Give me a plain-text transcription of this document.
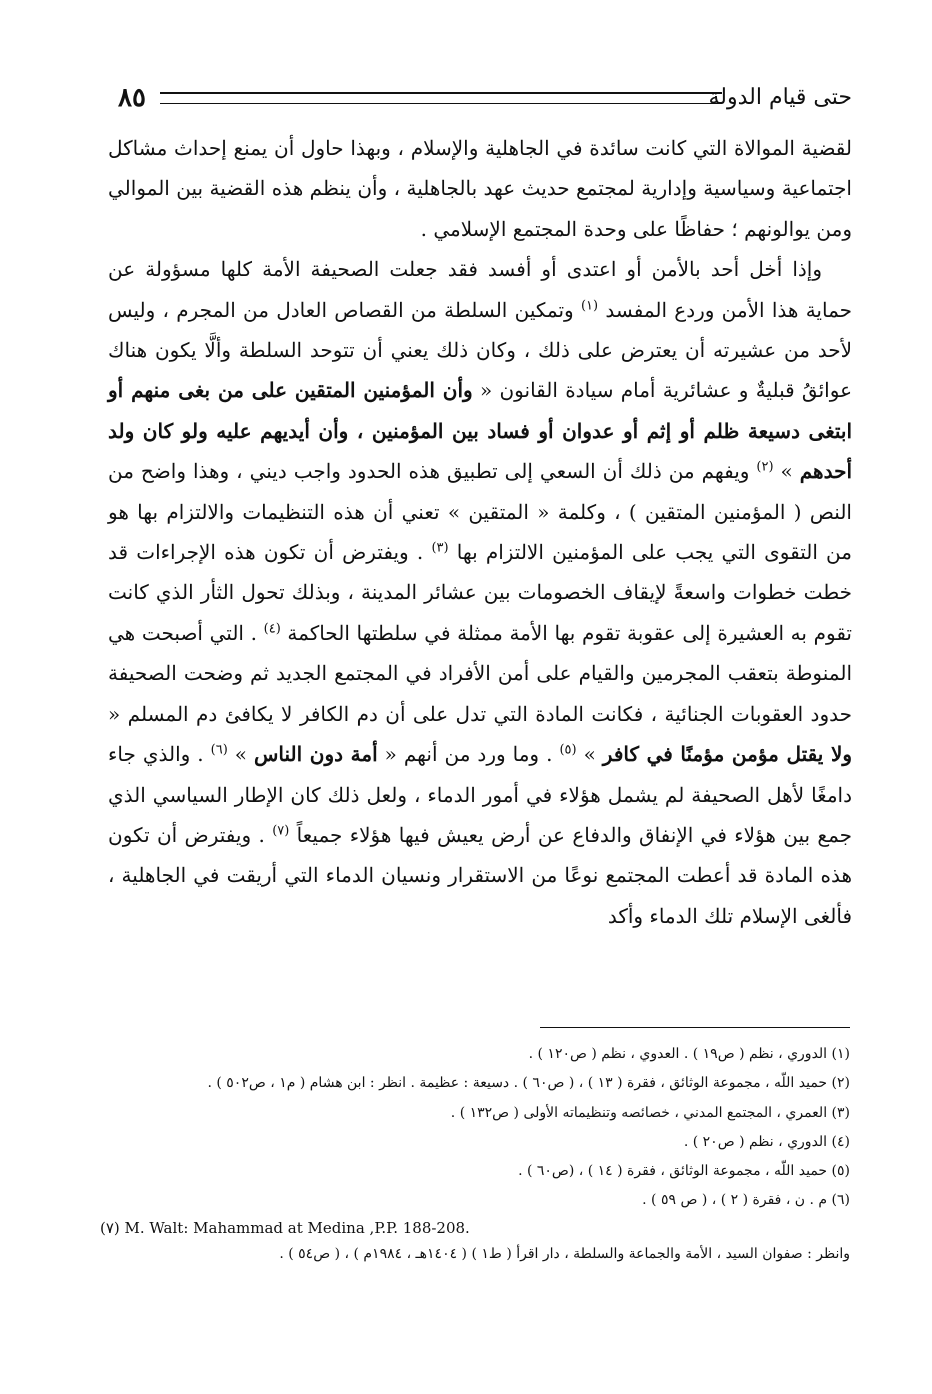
٨٥	حتى قيام الدولة

لقضية الموالاة التي كانت سائدة في الجاهلية والإسلام ، وبهذا حاول أن يمنع إحداث مشاكل اجتماعية وسياسية وإدارية لمجتمع حديث عهد بالجاهلية ، وأن ينظم هذه القضية بين الموالي ومن يوالونهم ؛ حفاظًا على وحدة المجتمع الإسلامي .

وإذا أخل أحد بالأمن أو اعتدى أو أفسد فقد جعلت الصحيفة الأمة كلها مسؤولة عن حماية هذا الأمن وردع المفسد $^{(١)}$ وتمكين السلطة من القصاص العادل من المجرم ، وليس لأحد من عشيرته أن يعترض على ذلك ، وكان ذلك يعني أن تتوحد السلطة وألَّا يكون هناك عوائقُ قبليةٌ و عشائرية أمام سيادة القانون « وأن المؤمنين المتقين على من بغى منهم أو ابتغى دسيعة ظلم أو إثم أو عدوان أو فساد بين المؤمنين ، وأن أيديهم عليه ولو كان ولد أحدهم » $^{(٢)}$ ويفهم من ذلك أن السعي إلى تطبيق هذه الحدود واجب ديني ، وهذا واضح من النص ( المؤمنين المتقين ) ، وكلمة « المتقين » تعني أن هذه التنظيمات والالتزام بها هو من التقوى التي يجب على المؤمنين الالتزام بها $^{(٣)}$ . ويفترض أن تكون هذه الإجراءات قد خطت خطوات واسعةً لإيقاف الخصومات بين عشائر المدينة ، وبذلك تحول الثأر الذي كانت تقوم به العشيرة إلى عقوبة تقوم بها الأمة ممثلة في سلطتها الحاكمة $^{(٤)}$ . التي أصبحت هي المنوطة بتعقب المجرمين والقيام على أمن الأفراد في المجتمع الجديد ثم وضحت الصحيفة حدود العقوبات الجنائية ، فكانت المادة التي تدل على أن دم الكافر لا يكافئ دم المسلم « ولا يقتل مؤمن مؤمنًا في كافر » $^{(٥)}$ . وما ورد من أنهم « أمة دون الناس » $^{(٦)}$ . والذي جاء دامغًا لأهل الصحيفة لم يشمل هؤلاء في أمور الدماء ، ولعل ذلك كان الإطار السياسي الذي جمع بين هؤلاء في الإنفاق والدفاع عن أرض يعيش فيها هؤلاء جميعاً $^{(٧)}$ . ويفترض أن تكون هذه المادة قد أعطت المجتمع نوعًا من الاستقرار ونسيان الدماء التي أريقت في الجاهلية ، فألغى الإسلام تلك الدماء وأكد

(١) الدوري ، نظم ( ص١٩ ) . العدوي ، نظم ( ص١٢٠ ) .
(٢) حميد اللّه ، مجموعة الوثائق ، فقرة ( ١٣ ) ، ( ص٦٠ ) . دسيعة : عظيمة . انظر : ابن هشام ( م١ ، ص٥٠٢ ) .
(٣) العمري ، المجتمع المدني ، خصائصه وتنظيماته الأولى ( ص١٣٢ ) .
(٤) الدوري ، نظم ( ص٢٠ ) .
(٥) حميد اللّه ، مجموعة الوثائق ، فقرة ( ١٤ ) ، (ص٦٠ ) .
(٦) م . ن ، فقرة ( ٢ ) ، ( ص ٥٩ ) .
(٧) M. Walt: Mahammad at Medina ,P.P. 188-208.
وانظر : صفوان السيد ، الأمة والجماعة والسلطة ، دار اقرأ ( ط١ ) ( ١٤٠٤هـ ، ١٩٨٤م ) ، ( ص٥٤ ) .
